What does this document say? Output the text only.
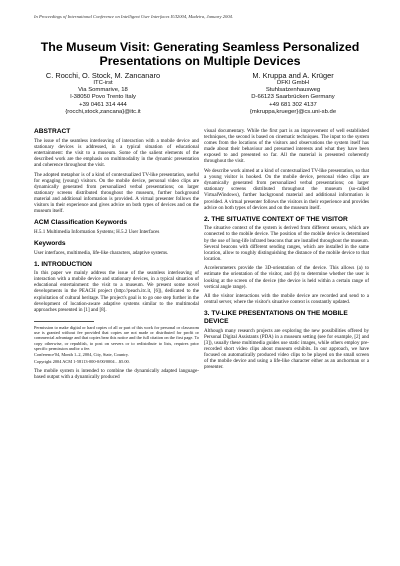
In Proceedings of International Conference on Intelligent User Interfaces IUI2004, Madeira, January 2004.
The Museum Visit: Generating Seamless Personalized Presentations on Multiple Devices
C. Rocchi, O. Stock, M. Zancanaro
ITC-irst
Via Sommarive, 18
I-38050 Povo Trento Italy
+39 0461 314 444
{rocchi,stock,zancana}@itc.it
M. Kruppa and A. Krüger
DFKI GmbH
Stuhlsatzenhausweg
D-66123 Saarbrücken Germany
+49 681 302 4137
{mkruppa,krueger}@cs.uni-sb.de
ABSTRACT

The issue of the seamless interleaving of interaction with a mobile device and stationary devices is addressed, in a typical situation of educational entertainment: the visit to a museum. Some of the salient elements of the described work are the emphasis on multimodality in the dynamic presentation and coherence throughout the visit.

The adopted metaphor is of a kind of contextualized TV-like presentation, useful for engaging (young) visitors. On the mobile device, personal video clips are dynamically generated from personalized verbal presentations; on larger stationary screens distributed throughout the museum, further background material and additional information is provided. A virtual presenter follows the visitors in their experience and gives advice on both types of devices and on the museum itself.

ACM Classification Keywords

H.5.1 Multimedia Information Systems; H.5.2 User Interfaces

Keywords

User interfaces, multimedia, life-like characters, adaptive systems.

1. INTRODUCTION

In this paper we mainly address the issue of the seamless interleaving of interaction with a mobile device and stationary devices, in a typical situation of educational entertainment: the visit to a museum. We present some novel developments in the PEACH project (http://peach.itc.it, [6]), dedicated to the exploitation of cultural heritage. The project's goal is to go one step further in the development of location-aware adaptive systems similar to the multimodal approaches presented in [1] and [8].

Permission to make digital or hard copies of all or part of this work for personal or classroom use is granted without fee provided that copies are not made or distributed for profit or commercial advantage and that copies bear this notice and the full citation on the first page. To copy otherwise, or republish, to post on servers or to redistribute to lists, requires prior specific permission and/or a fee.

Conference'04, Month 1–2, 2004, City, State, Country.

Copyright 2004 ACM 1-58113-000-0/00/0004…$5.00.

The mobile system is intended to combine the dynamically adapted language-based output with a dynamically produced

visual documentary. While the first part is an improvement of well established techniques, the second is based on cinematic techniques. The input to the system comes from the locations of the visitors and observations the system itself has made about their behaviour and presumed interests and what they have been exposed to and presented so far. All the material is presented coherently throughout the visit.

We describe work aimed at a kind of contextualized TV-like presentation, so that a young visitor is hooked. On the mobile device, personal video clips are dynamically generated from personalized verbal presentations; on larger stationary screens distributed throughout the museum (so-called VirtualWindows), further background material and additional information is provided. A virtual presenter follows the visitors in their experience and provides advice on both types of devices and on the museum itself.

2. THE SITUATIVE CONTEXT OF THE VISITOR

The situative context of the system is derived from different sensors, which are connected to the mobile device. The position of the mobile device is determined by the use of long-life infrared beacons that are installed throughout the museum. Several beacons with different sending ranges, which are installed in the same location, allow to roughly distinguishing the distance of the mobile device to that location.

Accelerometers provide the 3D-orientation of the device. This allows (a) to estimate the orientation of the visitor, and (b) to determine whether the user is looking at the screen of the device (the device is held within a certain range of vertical angle range).

All the visitor interactions with the mobile device are recorded and send to a central server, where the visitor's situative context is constantly updated.

3. TV-LIKE PRESENTATIONS ON THE MOBILE DEVICE

Although many research projects are exploring the new possibilities offered by Personal Digital Assistants (PDA) in a museum setting (see for example, [2] and [3]), usually these multimedia guides use static images, while others employ pre-recorded short video clips about museum exhibits. In our approach, we have focused on automatically produced video clips to be played on the small screen of the mobile device and using a life-like character either as an anchorman or a presenter.
